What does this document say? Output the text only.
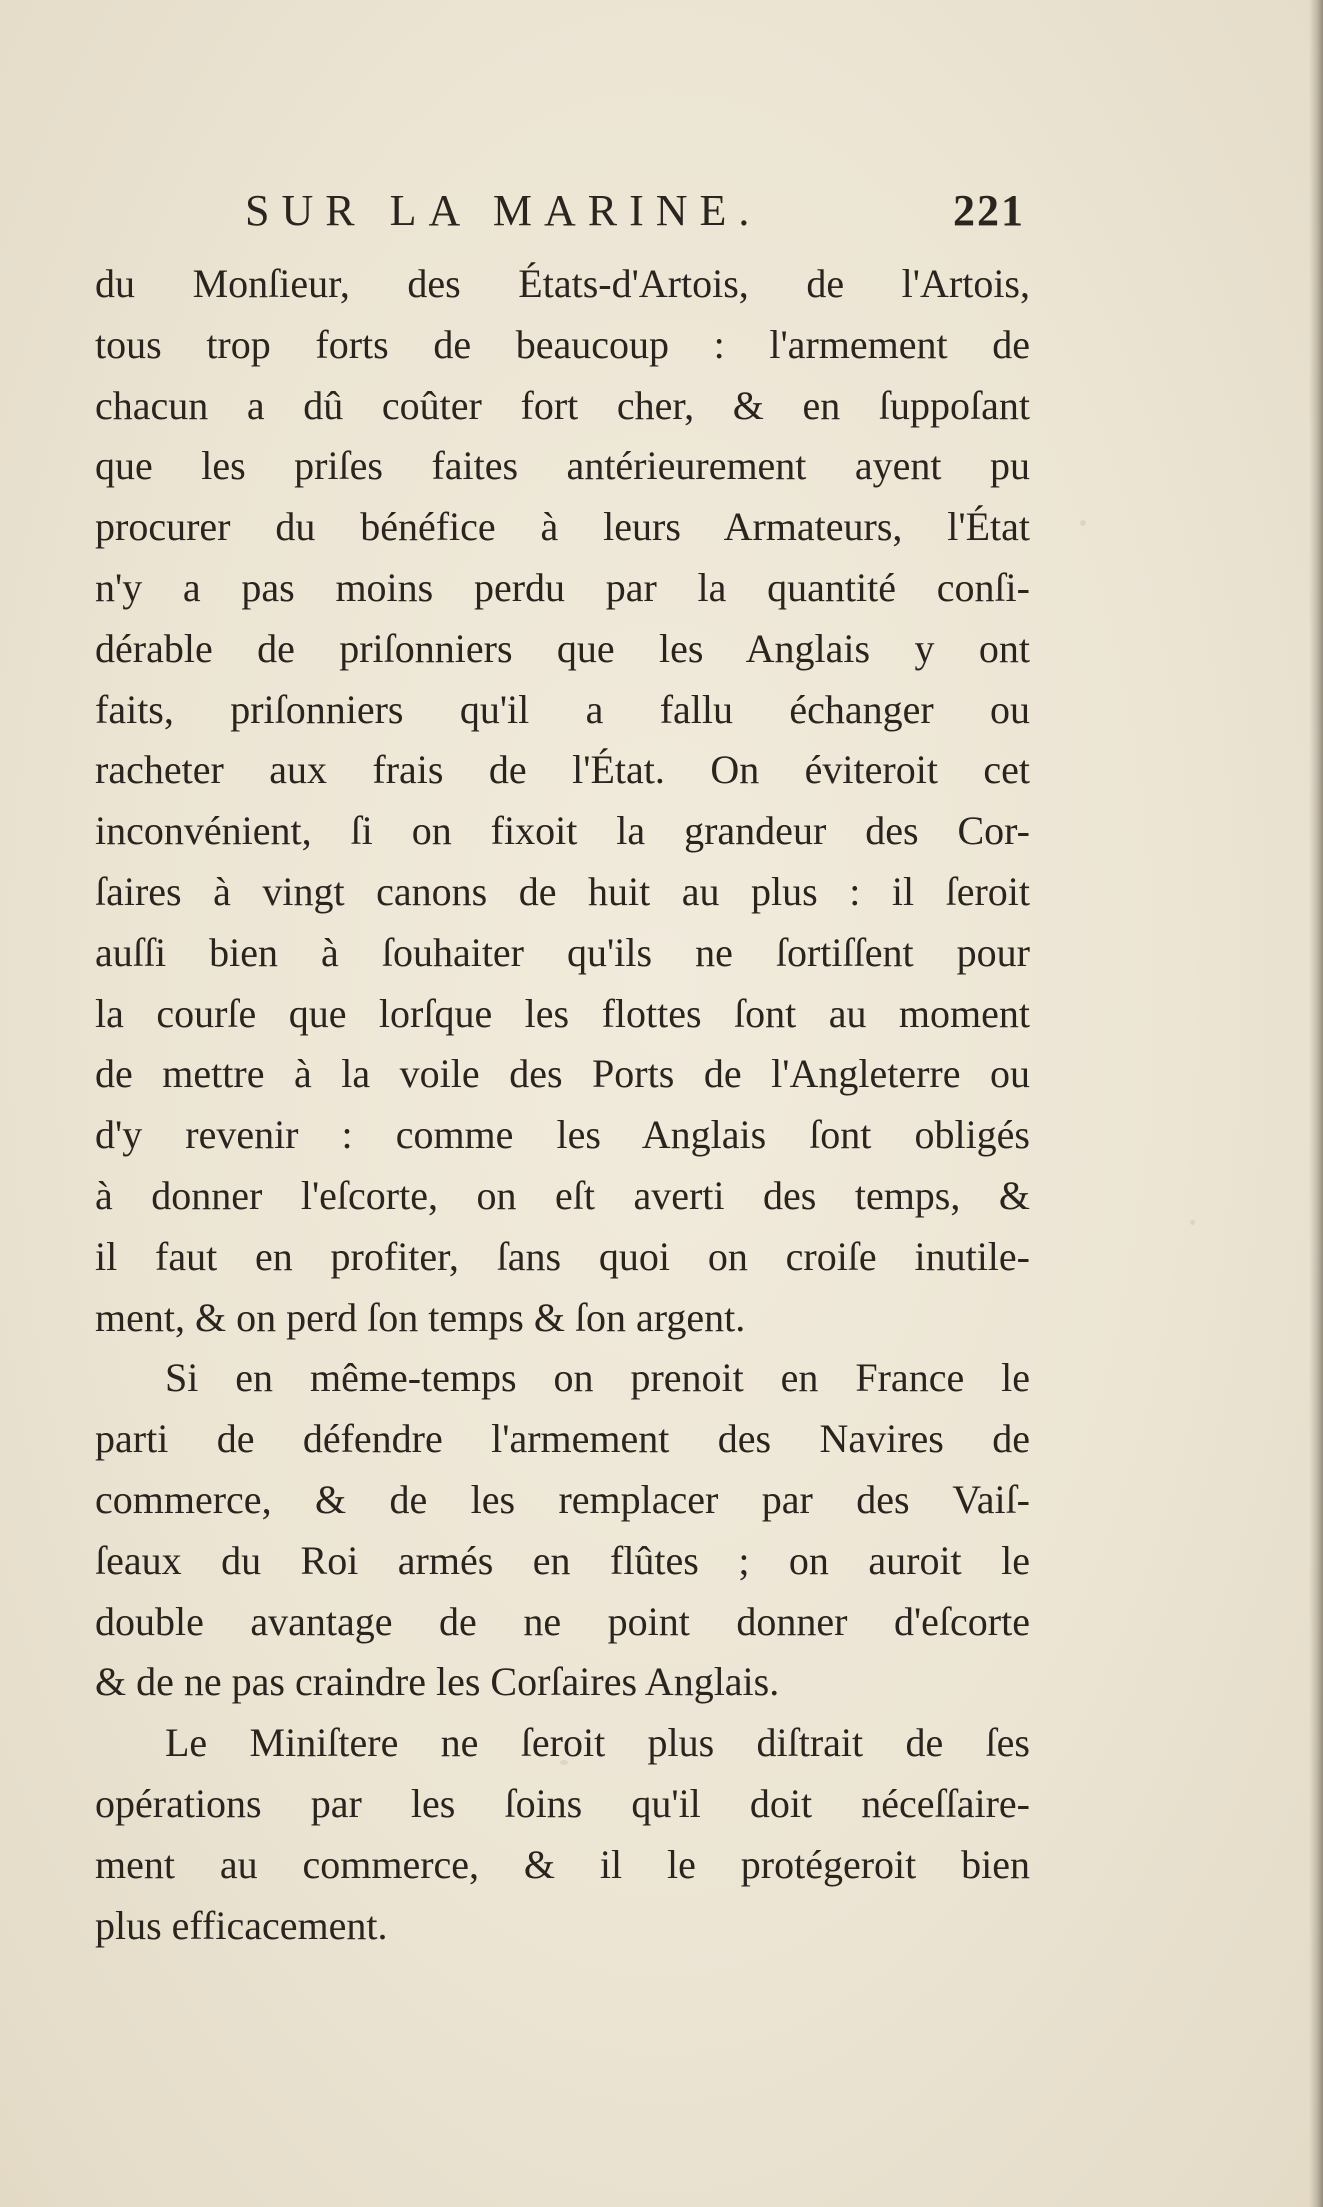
SUR LA MARINE.	221
du Monſieur, des États-d'Artois, de l'Artois,
tous trop forts de beaucoup : l'armement de
chacun a dû coûter fort cher, & en ſuppoſant
que les priſes faites antérieurement ayent pu
procurer du bénéfice à leurs Armateurs, l'État
n'y a pas moins perdu par la quantité conſi-
dérable de priſonniers que les Anglais y ont
faits, priſonniers qu'il a fallu échanger ou
racheter aux frais de l'État. On éviteroit cet
inconvénient, ſi on fixoit la grandeur des Cor-
ſaires à vingt canons de huit au plus : il ſeroit
auſſi bien à ſouhaiter qu'ils ne ſortiſſent pour
la courſe que lorſque les flottes ſont au moment
de mettre à la voile des Ports de l'Angleterre ou
d'y revenir : comme les Anglais ſont obligés
à donner l'eſcorte, on eſt averti des temps, &
il faut en profiter, ſans quoi on croiſe inutile-
ment, & on perd ſon temps & ſon argent.
Si en même-temps on prenoit en France le
parti de défendre l'armement des Navires de
commerce, & de les remplacer par des Vaiſ-
ſeaux du Roi armés en flûtes ; on auroit le
double avantage de ne point donner d'eſcorte
& de ne pas craindre les Corſaires Anglais.
Le Miniſtere ne ſeroit plus diſtrait de ſes
opérations par les ſoins qu'il doit néceſſaire-
ment au commerce, & il le protégeroit bien
plus efficacement.
